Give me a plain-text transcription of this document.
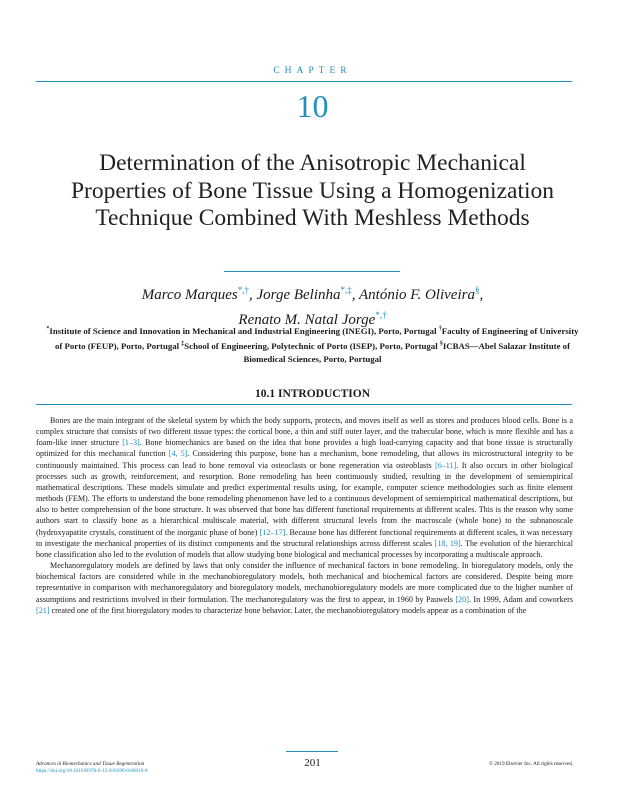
CHAPTER
10
Determination of the Anisotropic Mechanical Properties of Bone Tissue Using a Homogenization Technique Combined With Meshless Methods
Marco Marques*,†, Jorge Belinha*,‡, António F. Oliveira§,
Renato M. Natal Jorge*,†
*Institute of Science and Innovation in Mechanical and Industrial Engineering (INEGI), Porto, Portugal †Faculty of Engineering of University of Porto (FEUP), Porto, Portugal ‡School of Engineering, Polytechnic of Porto (ISEP), Porto, Portugal §ICBAS—Abel Salazar Institute of Biomedical Sciences, Porto, Portugal
10.1 INTRODUCTION

Bones are the main integrant of the skeletal system by which the body supports, protects, and moves itself as well as stores and produces blood cells. Bone is a complex structure that consists of two different tissue types: the cortical bone, a thin and stiff outer layer, and the trabecular bone, which is more flexible and has a foam-like inner structure [1–3]. Bone biomechanics are based on the idea that bone provides a high load-carrying capacity and that bone tissue is structurally optimized for this mechanical function [4, 5]. Considering this purpose, bone has a mechanism, bone remodeling, that allows its microstructural integrity to be continuously maintained. This process can lead to bone removal via osteoclasts or bone regeneration via osteoblasts [6–11]. It also occurs in other biological processes such as growth, reinforcement, and resorption. Bone remodeling has been continuously studied, resulting in the development of semiempirical mathematical descriptions. These models simulate and predict experimental results using, for example, computer science methodologies such as finite element methods (FEM). The efforts to understand the bone remodeling phenomenon have led to a continuous development of semiempirical mathematical descriptions, but also to better comprehension of the bone structure. It was observed that bone has different functional requirements at different scales. This is the reason why some authors start to classify bone as a hierarchical multiscale material, with different structural levels from the macroscale (whole bone) to the subnanoscale (hydroxyapatite crystals, constituent of the inorganic phase of bone) [12–17]. Because bone has different functional requirements at different scales, it was necessary to investigate the mechanical properties of its distinct components and the structural relationships across different scales [18, 19]. The evolution of the hierarchical bone classification also led to the evolution of models that allow studying bone biological and mechanical processes by incorporating a multiscale approach.

Mechanoregulatory models are defined by laws that only consider the influence of mechanical factors in bone remodeling. In bioregulatory models, only the biochemical factors are considered while in the mechanobioregulatory models, both mechanical and biochemical factors are considered. Despite being more representative in comparison with mechanoregulatory and bioregulatory models, mechanobioregulatory models are more complicated due to the higher number of assumptions and restrictions involved in their formulation. The mechanoregulatory was the first to appear, in 1960 by Pauwels [20]. In 1999, Adam and coworkers [21] created one of the first bioregulatory modes to characterize bone behavior. Later, the mechanobioregulatory models appear as a combination of the

201
Advances in Biomechanics and Tissue Regeneration
https://doi.org/10.1016/B978-0-12-816390-0.00010-8
© 2019 Elsevier Inc. All rights reserved.
